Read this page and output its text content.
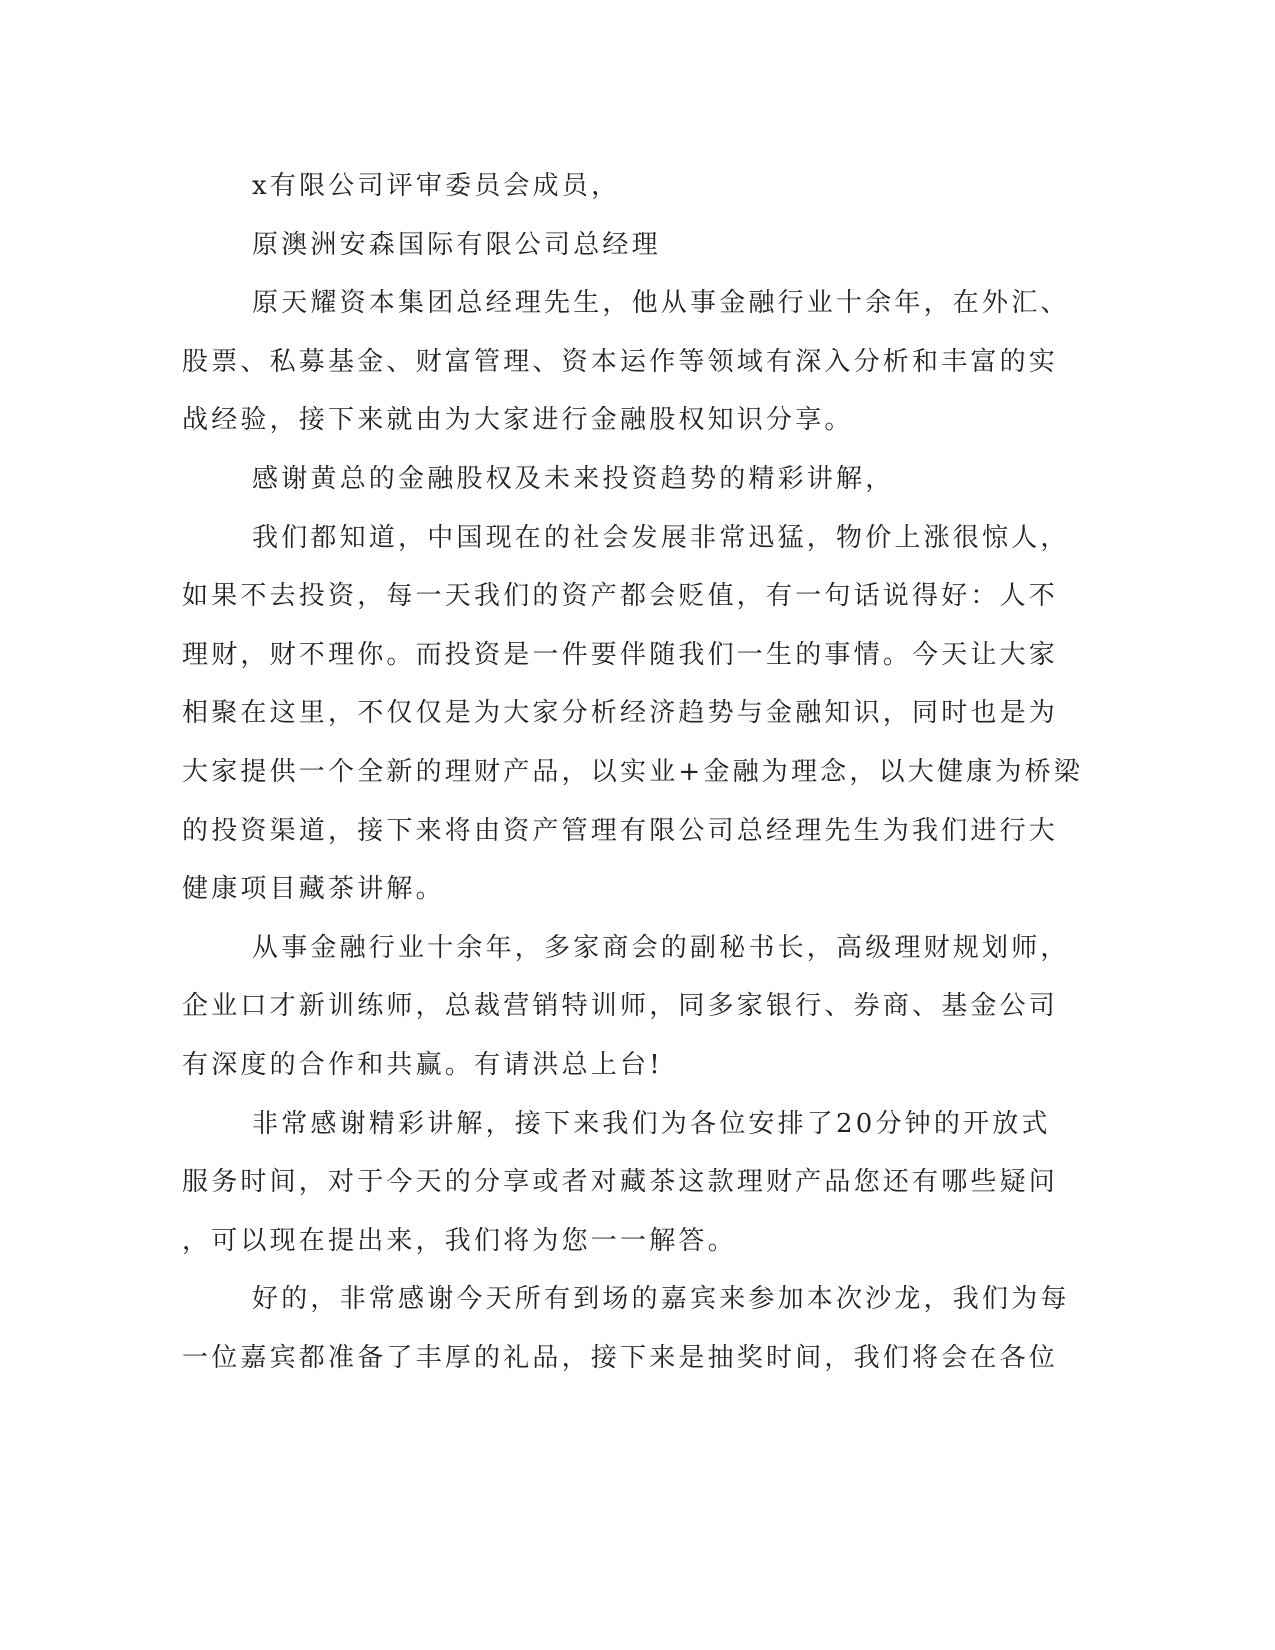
x有限公司评审委员会成员，
原澳洲安森国际有限公司总经理
原天耀资本集团总经理先生，他从事金融行业十余年，在外汇、
股票、私募基金、财富管理、资本运作等领域有深入分析和丰富的实
战经验，接下来就由为大家进行金融股权知识分享。
感谢黄总的金融股权及未来投资趋势的精彩讲解，
我们都知道，中国现在的社会发展非常迅猛，物价上涨很惊人，
如果不去投资，每一天我们的资产都会贬值，有一句话说得好：人不
理财，财不理你。而投资是一件要伴随我们一生的事情。今天让大家
相聚在这里，不仅仅是为大家分析经济趋势与金融知识，同时也是为
大家提供一个全新的理财产品，以实业+金融为理念，以大健康为桥梁
的投资渠道，接下来将由资产管理有限公司总经理先生为我们进行大
健康项目藏茶讲解。
从事金融行业十余年，多家商会的副秘书长，高级理财规划师，
企业口才新训练师，总裁营销特训师，同多家银行、券商、基金公司
有深度的合作和共赢。有请洪总上台!
非常感谢精彩讲解，接下来我们为各位安排了20分钟的开放式
服务时间，对于今天的分享或者对藏茶这款理财产品您还有哪些疑问
，可以现在提出来，我们将为您一一解答。
好的，非常感谢今天所有到场的嘉宾来参加本次沙龙，我们为每
一位嘉宾都准备了丰厚的礼品，接下来是抽奖时间，我们将会在各位
